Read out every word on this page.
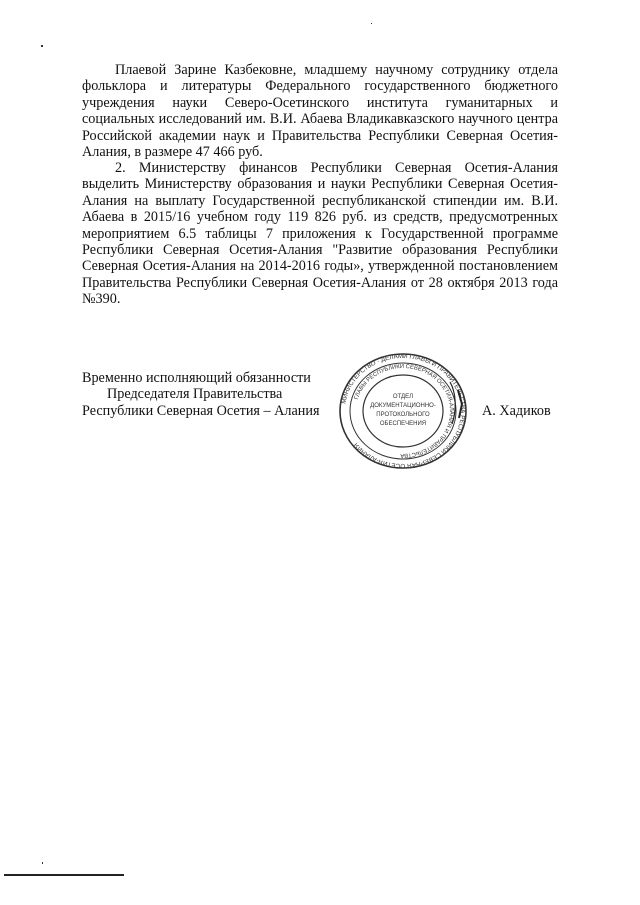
Плаевой Зарине Казбековне, младшему научному сотруднику отдела фольклора и литературы Федерального государственного бюджетного учреждения науки Северо-Осетинского института гуманитарных и социальных исследований им. В.И. Абаева Владикавказского научного центра Российской академии наук и Правительства Республики Северная Осетия-Алания, в размере 47 466 руб.
2. Министерству финансов Республики Северная Осетия-Алания выделить Министерству образования и науки Республики Северная Осетия-Алания на выплату Государственной республиканской стипендии им. В.И. Абаева в 2015/16 учебном году 119 826 руб. из средств, предусмотренных мероприятием 6.5 таблицы 7 приложения к Государственной программе Республики Северная Осетия-Алания "Развитие образования Республики Северная Осетия-Алания на 2014-2016 годы», утвержденной постановлением Правительства Республики Северная Осетия-Алания от 28 октября 2013 года №390.
Временно исполняющий обязанности
Председателя Правительства
Республики Северная Осетия – Алания	А. Хадиков
МИНИСТЕРСТВО · ДЕЛАМИ ГЛАВЫ И ПРАВИТЕЛЬСТВА РЕСПУБЛИКИ СЕВЕРНАЯ ОСЕТИЯ-АЛАНИЯ
ГЛАВЫ РЕСПУБЛИКИ СЕВЕРНАЯ ОСЕТИЯ-АЛАНИЯ И ПРАВИТЕЛЬСТВА
ОТДЕЛ
ДОКУМЕНТАЦИОННО-
ПРОТОКОЛЬНОГО
ОБЕСПЕЧЕНИЯ
